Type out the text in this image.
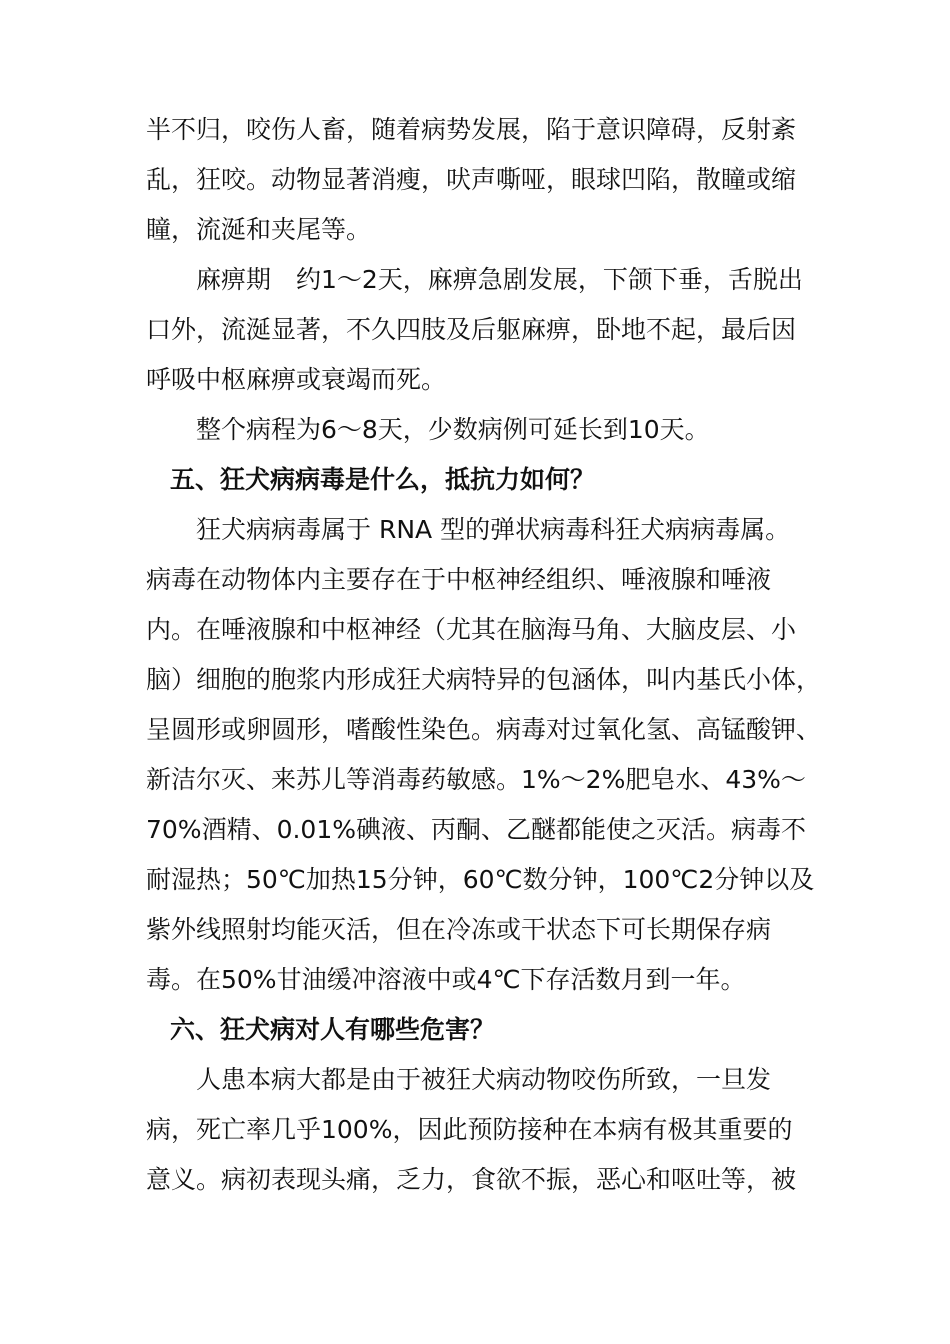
半不归，咬伤人畜，随着病势发展，陷于意识障碍，反射紊

乱，狂咬。动物显著消瘦，吠声嘶哑，眼球凹陷，散瞳或缩

瞳，流涎和夹尾等。

麻痹期　约1～2天，麻痹急剧发展，下颌下垂，舌脱出

口外，流涎显著，不久四肢及后躯麻痹，卧地不起，最后因

呼吸中枢麻痹或衰竭而死。

整个病程为6～8天，少数病例可延长到10天。

五、狂犬病病毒是什么，抵抗力如何？

狂犬病病毒属于 RNA 型的弹状病毒科狂犬病病毒属。

病毒在动物体内主要存在于中枢神经组织、唾液腺和唾液

内。在唾液腺和中枢神经（尤其在脑海马角、大脑皮层、小

脑）细胞的胞浆内形成狂犬病特异的包涵体，叫内基氏小体，

呈圆形或卵圆形，嗜酸性染色。病毒对过氧化氢、高锰酸钾、

新洁尔灭、来苏儿等消毒药敏感。1%～2%肥皂水、43%～

70%酒精、0.01%碘液、丙酮、乙醚都能使之灭活。病毒不

耐湿热；50℃加热15分钟，60℃数分钟，100℃2分钟以及

紫外线照射均能灭活，但在冷冻或干状态下可长期保存病

毒。在50%甘油缓冲溶液中或4℃下存活数月到一年。

六、狂犬病对人有哪些危害？

人患本病大都是由于被狂犬病动物咬伤所致，一旦发

病，死亡率几乎100%，因此预防接种在本病有极其重要的

意义。病初表现头痛，乏力，食欲不振，恶心和呕吐等，被
